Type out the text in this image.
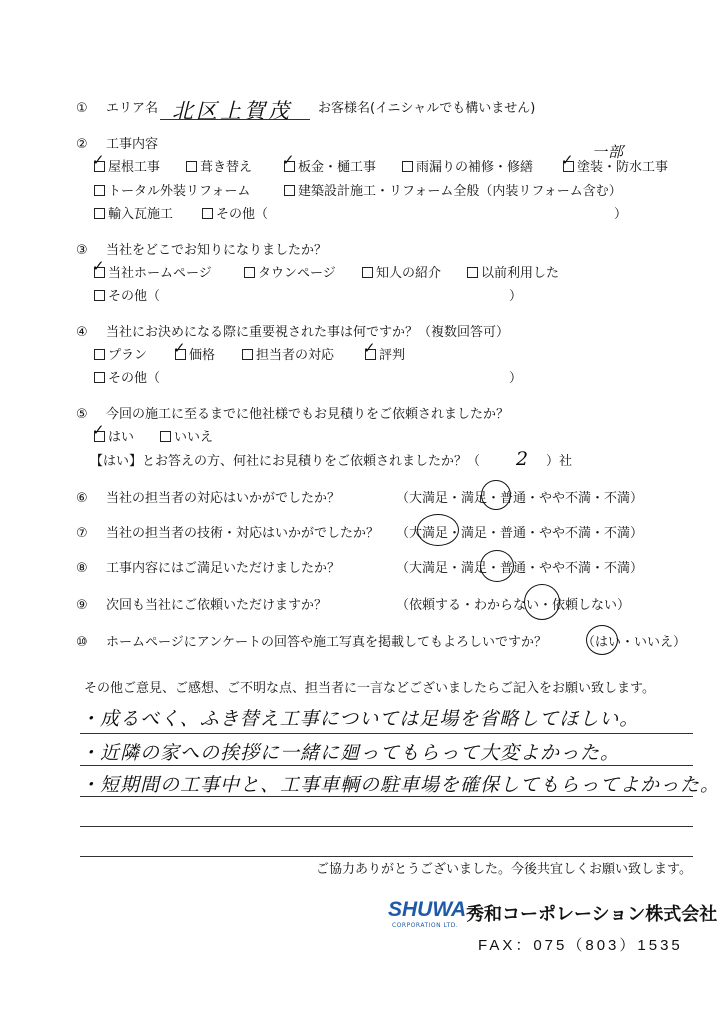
① エリア名 北区上賀茂 お客様名(イニシャルでも構いません)
② 工事内容
✓ 屋根工事	葺き替え ✓ 板金・樋工事	雨漏りの補修・修繕 ✓ 塗装・防水工事
一部
トータル外装リフォーム	建築設計施工・リフォーム全般（内装リフォーム含む）
輸入瓦施工	その他（	）
③ 当社をどこでお知りになりましたか？
✓ 当社ホームページ	タウンページ	知人の紹介	以前利用した
その他（	）
④ 当社にお決めになる際に重要視された事は何ですか？（複数回答可）
プラン ✓ 価格	担当者の対応 ✓ 評判
その他（	）
⑤ 今回の施工に至るまでに他社様でもお見積りをご依頼されましたか？
✓ はい	いいえ
【はい】とお答えの方、何社にお見積りをご依頼されましたか？（ 2 ）社
⑥ 当社の担当者の対応はいかがでしたか？	（大満足・満足・普通・やや不満・不満）
⑦ 当社の担当者の技術・対応はいかがでしたか？ （大満足・満足・普通・やや不満・不満）
⑧ 工事内容にはご満足いただけましたか？	（大満足・満足・普通・やや不満・不満）
⑨ 次回も当社にご依頼いただけますか？	（依頼する・わからない・依頼しない）
⑩ ホームページにアンケートの回答や施工写真を掲載してもよろしいですか？	（はい・いいえ）
その他ご意見、ご感想、ご不明な点、担当者に一言などございましたらご記入をお願い致します。
・成るべく、ふき替え工事については足場を省略してほしい。
・近隣の家への挨拶に一緒に廻ってもらって大変よかった。
・短期間の工事中と、工事車輌の駐車場を確保してもらってよかった。
ご協力ありがとうございました。今後共宜しくお願い致します。
SHUWA
CORPORATION LTD.
秀和コーポレーション株式会社
FAX：075（803）1535
